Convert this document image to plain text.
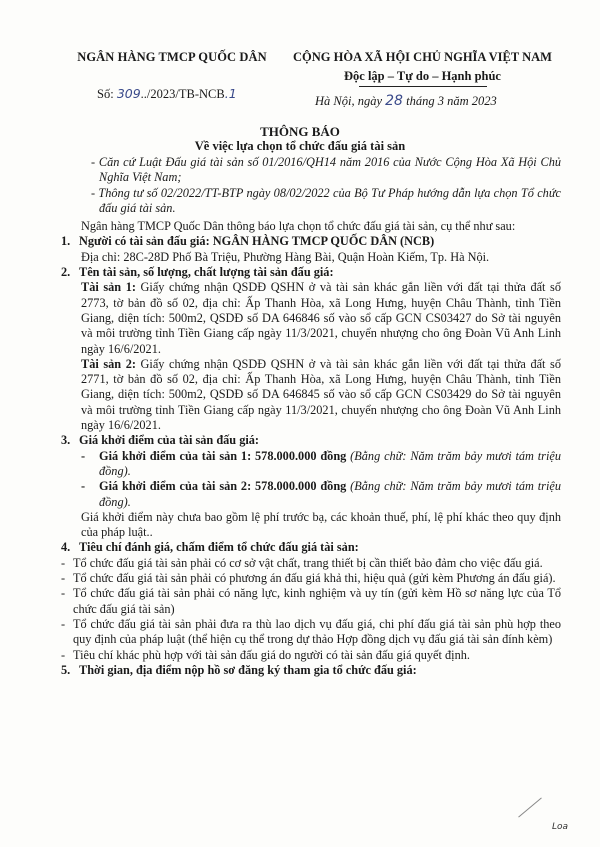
NGÂN HÀNG TMCP QUỐC DÂN
Số: 309../2023/TB-NCB.1
CỘNG HÒA XÃ HỘI CHỦ NGHĨA VIỆT NAM
Độc lập – Tự do – Hạnh phúc
Hà Nội, ngày 28 tháng 3 năm 2023
THÔNG BÁO
Về việc lựa chọn tổ chức đấu giá tài sản

- Căn cứ Luật Đấu giá tài sản số 01/2016/QH14 năm 2016 của Nước Cộng Hòa Xã Hội Chủ Nghĩa Việt Nam;

- Thông tư số 02/2022/TT-BTP ngày 08/02/2022 của Bộ Tư Pháp hướng dẫn lựa chọn Tổ chức đấu giá tài sản.

Ngân hàng TMCP Quốc Dân thông báo lựa chọn tổ chức đấu giá tài sản, cụ thể như sau:

1. Người có tài sản đấu giá: NGÂN HÀNG TMCP QUỐC DÂN (NCB)

Địa chỉ: 28C-28D Phố Bà Triệu, Phường Hàng Bài, Quận Hoàn Kiếm, Tp. Hà Nội.

2. Tên tài sản, số lượng, chất lượng tài sản đấu giá:

Tài sản 1: Giấy chứng nhận QSDĐ QSHN ở và tài sản khác gắn liền với đất tại thửa đất số 2773, tờ bản đồ số 02, địa chỉ: Ấp Thanh Hòa, xã Long Hưng, huyện Châu Thành, tỉnh Tiền Giang, diện tích: 500m2, QSDĐ số DA 646846 số vào sổ cấp GCN CS03427 do Sở tài nguyên và môi trường tỉnh Tiền Giang cấp ngày 11/3/2021, chuyển nhượng cho ông Đoàn Vũ Anh Linh ngày 16/6/2021.

Tài sản 2: Giấy chứng nhận QSDĐ QSHN ở và tài sản khác gắn liền với đất tại thửa đất số 2771, tờ bản đồ số 02, địa chỉ: Ấp Thanh Hòa, xã Long Hưng, huyện Châu Thành, tỉnh Tiền Giang, diện tích: 500m2, QSDĐ số DA 646845 số vào sổ cấp GCN CS03429 do Sở tài nguyên và môi trường tỉnh Tiền Giang cấp ngày 11/3/2021, chuyển nhượng cho ông Đoàn Vũ Anh Linh ngày 16/6/2021.

3. Giá khởi điểm của tài sản đấu giá:

- Giá khởi điểm của tài sản 1: 578.000.000 đồng (Bằng chữ: Năm trăm bảy mươi tám triệu đồng).

- Giá khởi điểm của tài sản 2: 578.000.000 đồng (Bằng chữ: Năm trăm bảy mươi tám triệu đồng).

Giá khởi điểm này chưa bao gồm lệ phí trước bạ, các khoản thuế, phí, lệ phí khác theo quy định của pháp luật..

4. Tiêu chí đánh giá, chấm điểm tổ chức đấu giá tài sản:

- Tổ chức đấu giá tài sản phải có cơ sở vật chất, trang thiết bị cần thiết bảo đảm cho việc đấu giá.

- Tổ chức đấu giá tài sản phải có phương án đấu giá khả thi, hiệu quả (gửi kèm Phương án đấu giá).

- Tổ chức đấu giá tài sản phải có năng lực, kinh nghiệm và uy tín (gửi kèm Hồ sơ năng lực của Tổ chức đấu giá tài sản)

- Tổ chức đấu giá tài sản phải đưa ra thù lao dịch vụ đấu giá, chi phí đấu giá tài sản phù hợp theo quy định của pháp luật (thể hiện cụ thể trong dự thảo Hợp đồng dịch vụ đấu giá tài sản đính kèm)

- Tiêu chí khác phù hợp với tài sản đấu giá do người có tài sản đấu giá quyết định.

5. Thời gian, địa điểm nộp hồ sơ đăng ký tham gia tổ chức đấu giá:

Loa
